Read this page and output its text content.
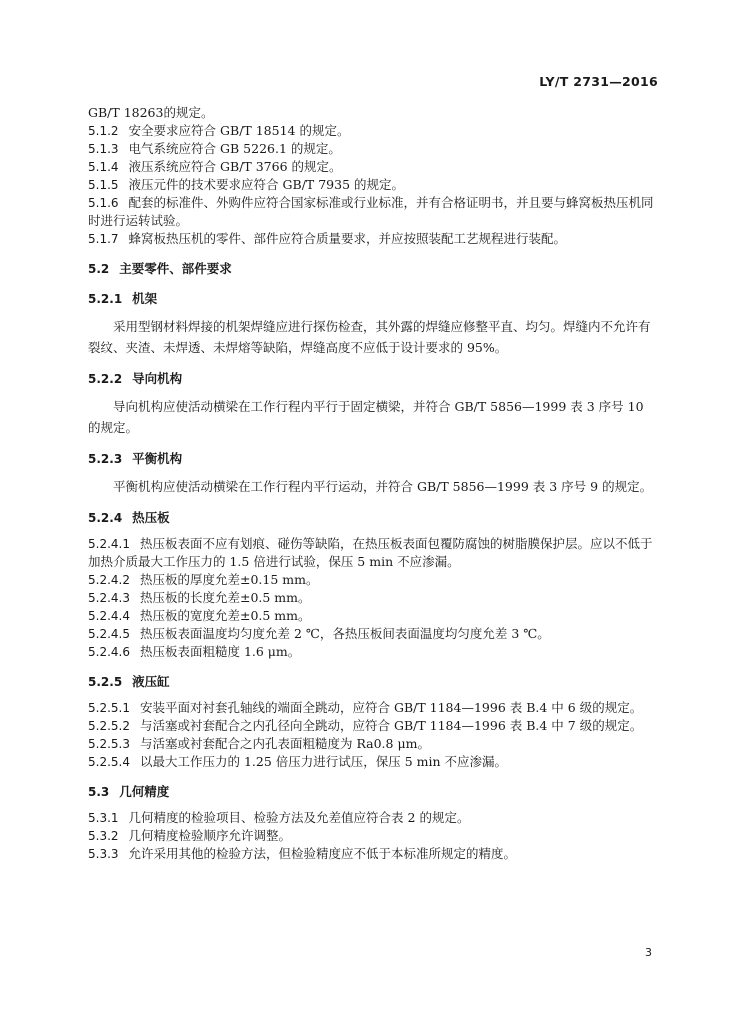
LY/T 2731—2016
GB/T 18263的规定。
5.1.2 安全要求应符合 GB/T 18514 的规定。
5.1.3 电气系统应符合 GB 5226.1 的规定。
5.1.4 液压系统应符合 GB/T 3766 的规定。
5.1.5 液压元件的技术要求应符合 GB/T 7935 的规定。
5.1.6 配套的标准件、外购件应符合国家标准或行业标准，并有合格证明书，并且要与蜂窝板热压机同
时进行运转试验。
5.1.7 蜂窝板热压机的零件、部件应符合质量要求，并应按照装配工艺规程进行装配。
5.2 主要零件、部件要求
5.2.1 机架
采用型钢材料焊接的机架焊缝应进行探伤检查，其外露的焊缝应修整平直、均匀。焊缝内不允许有裂纹、夹渣、未焊透、未焊熔等缺陷，焊缝高度不应低于设计要求的 95%。
5.2.2 导向机构
导向机构应使活动横梁在工作行程内平行于固定横梁，并符合 GB/T 5856—1999 表 3 序号 10 的规定。
5.2.3 平衡机构
平衡机构应使活动横梁在工作行程内平行运动，并符合 GB/T 5856—1999 表 3 序号 9 的规定。
5.2.4 热压板
5.2.4.1 热压板表面不应有划痕、碰伤等缺陷，在热压板表面包覆防腐蚀的树脂膜保护层。应以不低于
加热介质最大工作压力的 1.5 倍进行试验，保压 5 min 不应渗漏。
5.2.4.2 热压板的厚度允差±0.15 mm。
5.2.4.3 热压板的长度允差±0.5 mm。
5.2.4.4 热压板的宽度允差±0.5 mm。
5.2.4.5 热压板表面温度均匀度允差 2 ℃，各热压板间表面温度均匀度允差 3 ℃。
5.2.4.6 热压板表面粗糙度 1.6 μm。
5.2.5 液压缸
5.2.5.1 安装平面对衬套孔轴线的端面全跳动，应符合 GB/T 1184—1996 表 B.4 中 6 级的规定。
5.2.5.2 与活塞或衬套配合之内孔径向全跳动，应符合 GB/T 1184—1996 表 B.4 中 7 级的规定。
5.2.5.3 与活塞或衬套配合之内孔表面粗糙度为 Ra0.8 μm。
5.2.5.4 以最大工作压力的 1.25 倍压力进行试压，保压 5 min 不应渗漏。
5.3 几何精度
5.3.1 几何精度的检验项目、检验方法及允差值应符合表 2 的规定。
5.3.2 几何精度检验顺序允许调整。
5.3.3 允许采用其他的检验方法，但检验精度应不低于本标准所规定的精度。
3
